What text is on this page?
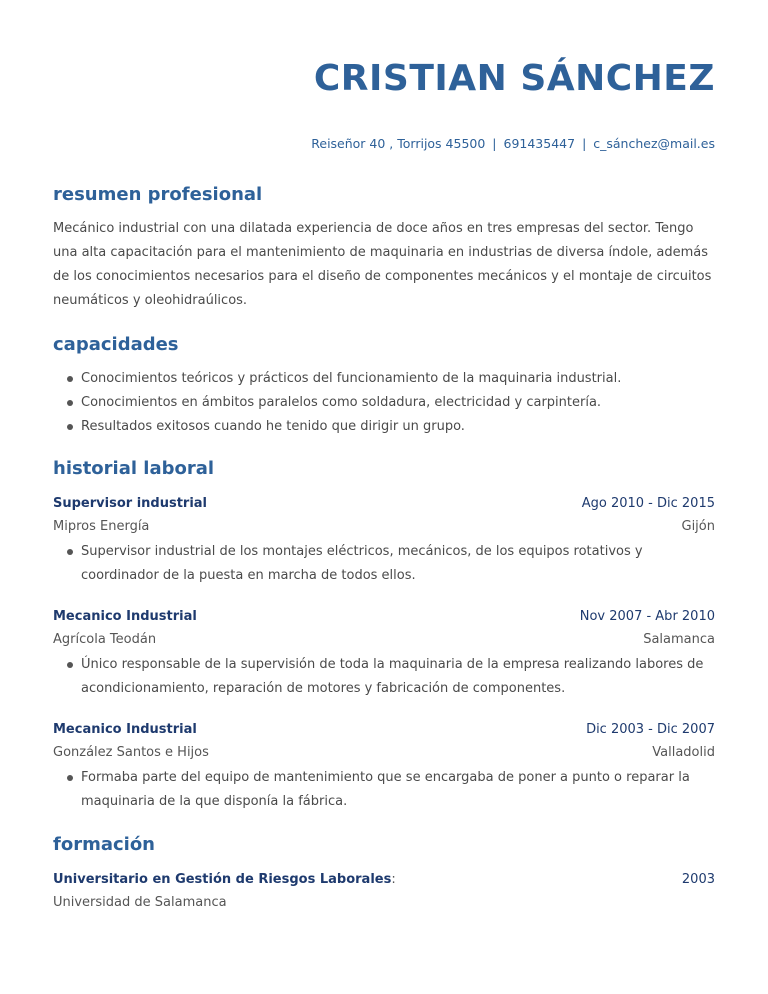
CRISTIAN SÁNCHEZ
Reiseñor 40 , Torrijos 45500 | 691435447 | c_sánchez@mail.es
resumen profesional
Mecánico industrial con una dilatada experiencia de doce años en tres empresas del sector. Tengo una alta capacitación para el mantenimiento de maquinaria en industrias de diversa índole, además de los conocimientos necesarios para el diseño de componentes mecánicos y el montaje de circuitos neumáticos y oleohidraúlicos.
capacidades
Conocimientos teóricos y prácticos del funcionamiento de la maquinaria industrial.
Conocimientos en ámbitos paralelos como soldadura, electricidad y carpintería.
Resultados exitosos cuando he tenido que dirigir un grupo.
historial laboral
Supervisor industrial	Ago 2010 - Dic 2015
Mipros Energía	Gijón
Supervisor industrial de los montajes eléctricos, mecánicos, de los equipos rotativos y coordinador de la puesta en marcha de todos ellos.
Mecanico Industrial	Nov 2007 - Abr 2010
Agrícola Teodán	Salamanca
Único responsable de la supervisión de toda la maquinaria de la empresa realizando labores de acondicionamiento, reparación de motores y fabricación de componentes.
Mecanico Industrial	Dic 2003 - Dic 2007
González Santos e Hijos	Valladolid
Formaba parte del equipo de mantenimiento que se encargaba de poner a punto o reparar la maquinaria de la que disponía la fábrica.
formación
Universitario en Gestión de Riesgos Laborales:	2003
Universidad de Salamanca
